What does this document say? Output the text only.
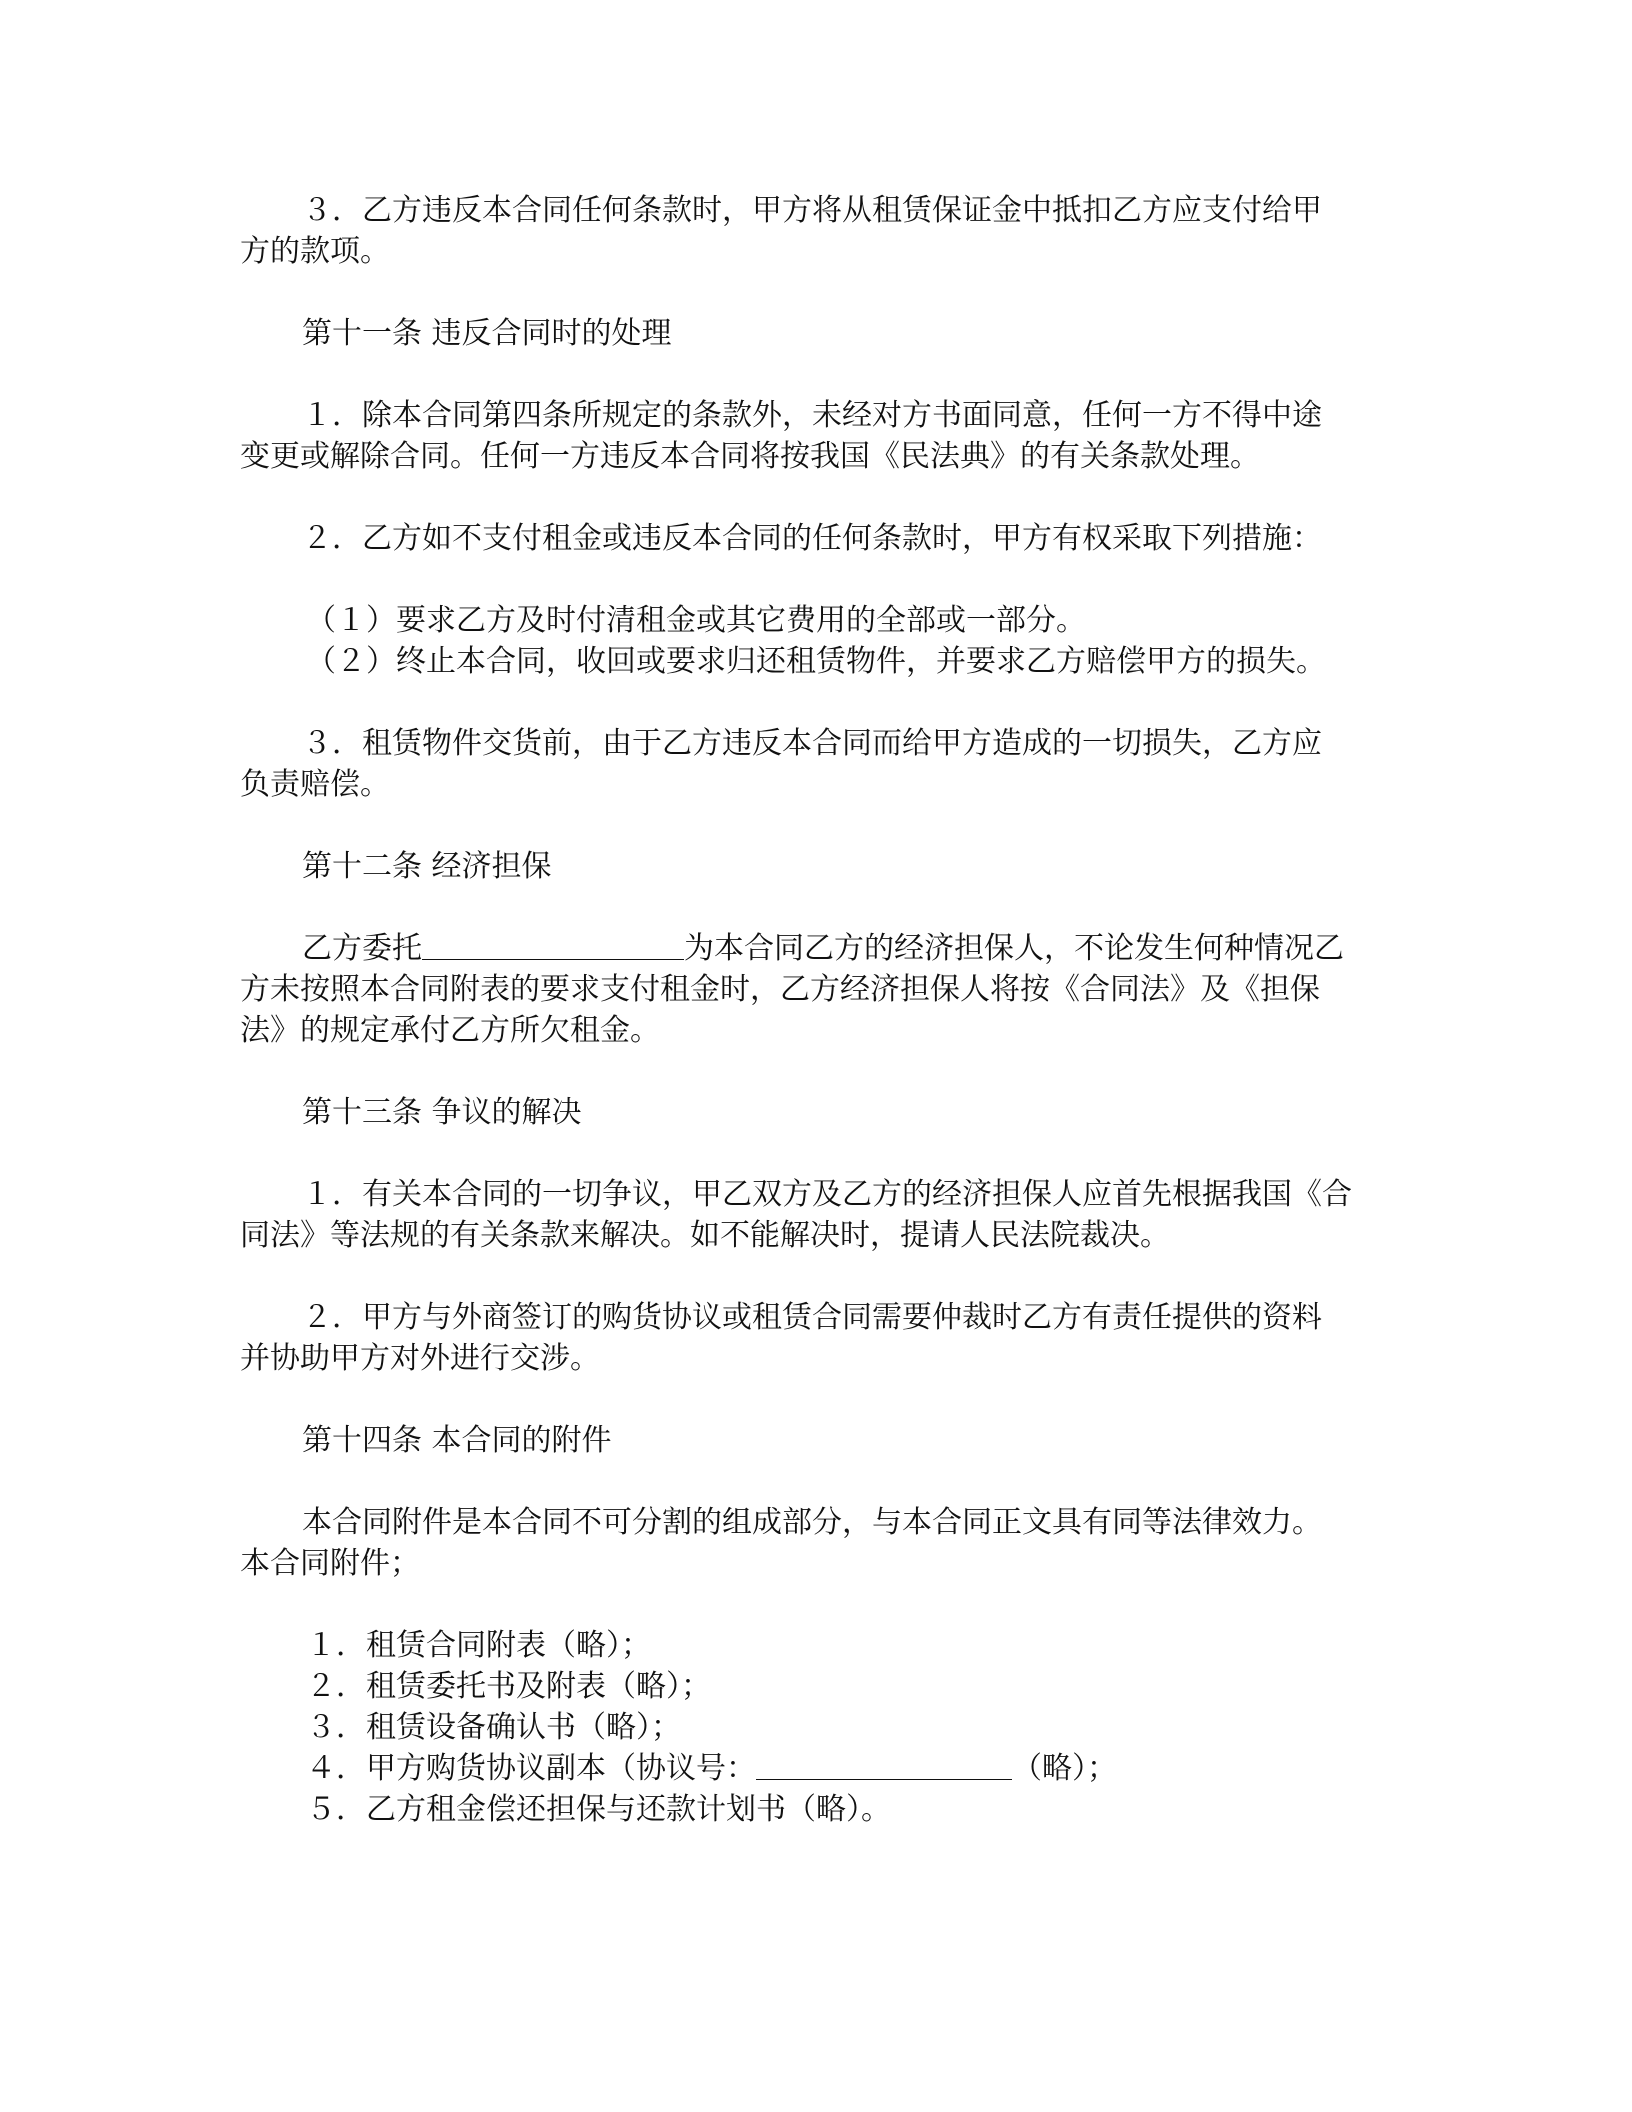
３．乙方违反本合同任何条款时，甲方将从租赁保证金中抵扣乙方应支付给甲
方的款项。
第十一条 违反合同时的处理
１．除本合同第四条所规定的条款外，未经对方书面同意，任何一方不得中途
变更或解除合同。任何一方违反本合同将按我国《民法典》的有关条款处理。
２．乙方如不支付租金或违反本合同的任何条款时，甲方有权采取下列措施：
（１）要求乙方及时付清租金或其它费用的全部或一部分。
（２）终止本合同，收回或要求归还租赁物件，并要求乙方赔偿甲方的损失。
３．租赁物件交货前，由于乙方违反本合同而给甲方造成的一切损失，乙方应
负责赔偿。
第十二条 经济担保
乙方委托	为本合同乙方的经济担保人，不论发生何种情况乙
方未按照本合同附表的要求支付租金时，乙方经济担保人将按《合同法》及《担保
法》的规定承付乙方所欠租金。
第十三条 争议的解决
１．有关本合同的一切争议，甲乙双方及乙方的经济担保人应首先根据我国《合
同法》等法规的有关条款来解决。如不能解决时，提请人民法院裁决。
２．甲方与外商签订的购货协议或租赁合同需要仲裁时乙方有责任提供的资料
并协助甲方对外进行交涉。
第十四条 本合同的附件
本合同附件是本合同不可分割的组成部分，与本合同正文具有同等法律效力。
本合同附件；
１．租赁合同附表（略）；
２．租赁委托书及附表（略）；
３．租赁设备确认书（略）；
４．甲方购货协议副本（协议号：	（略）；
５．乙方租金偿还担保与还款计划书（略）。
